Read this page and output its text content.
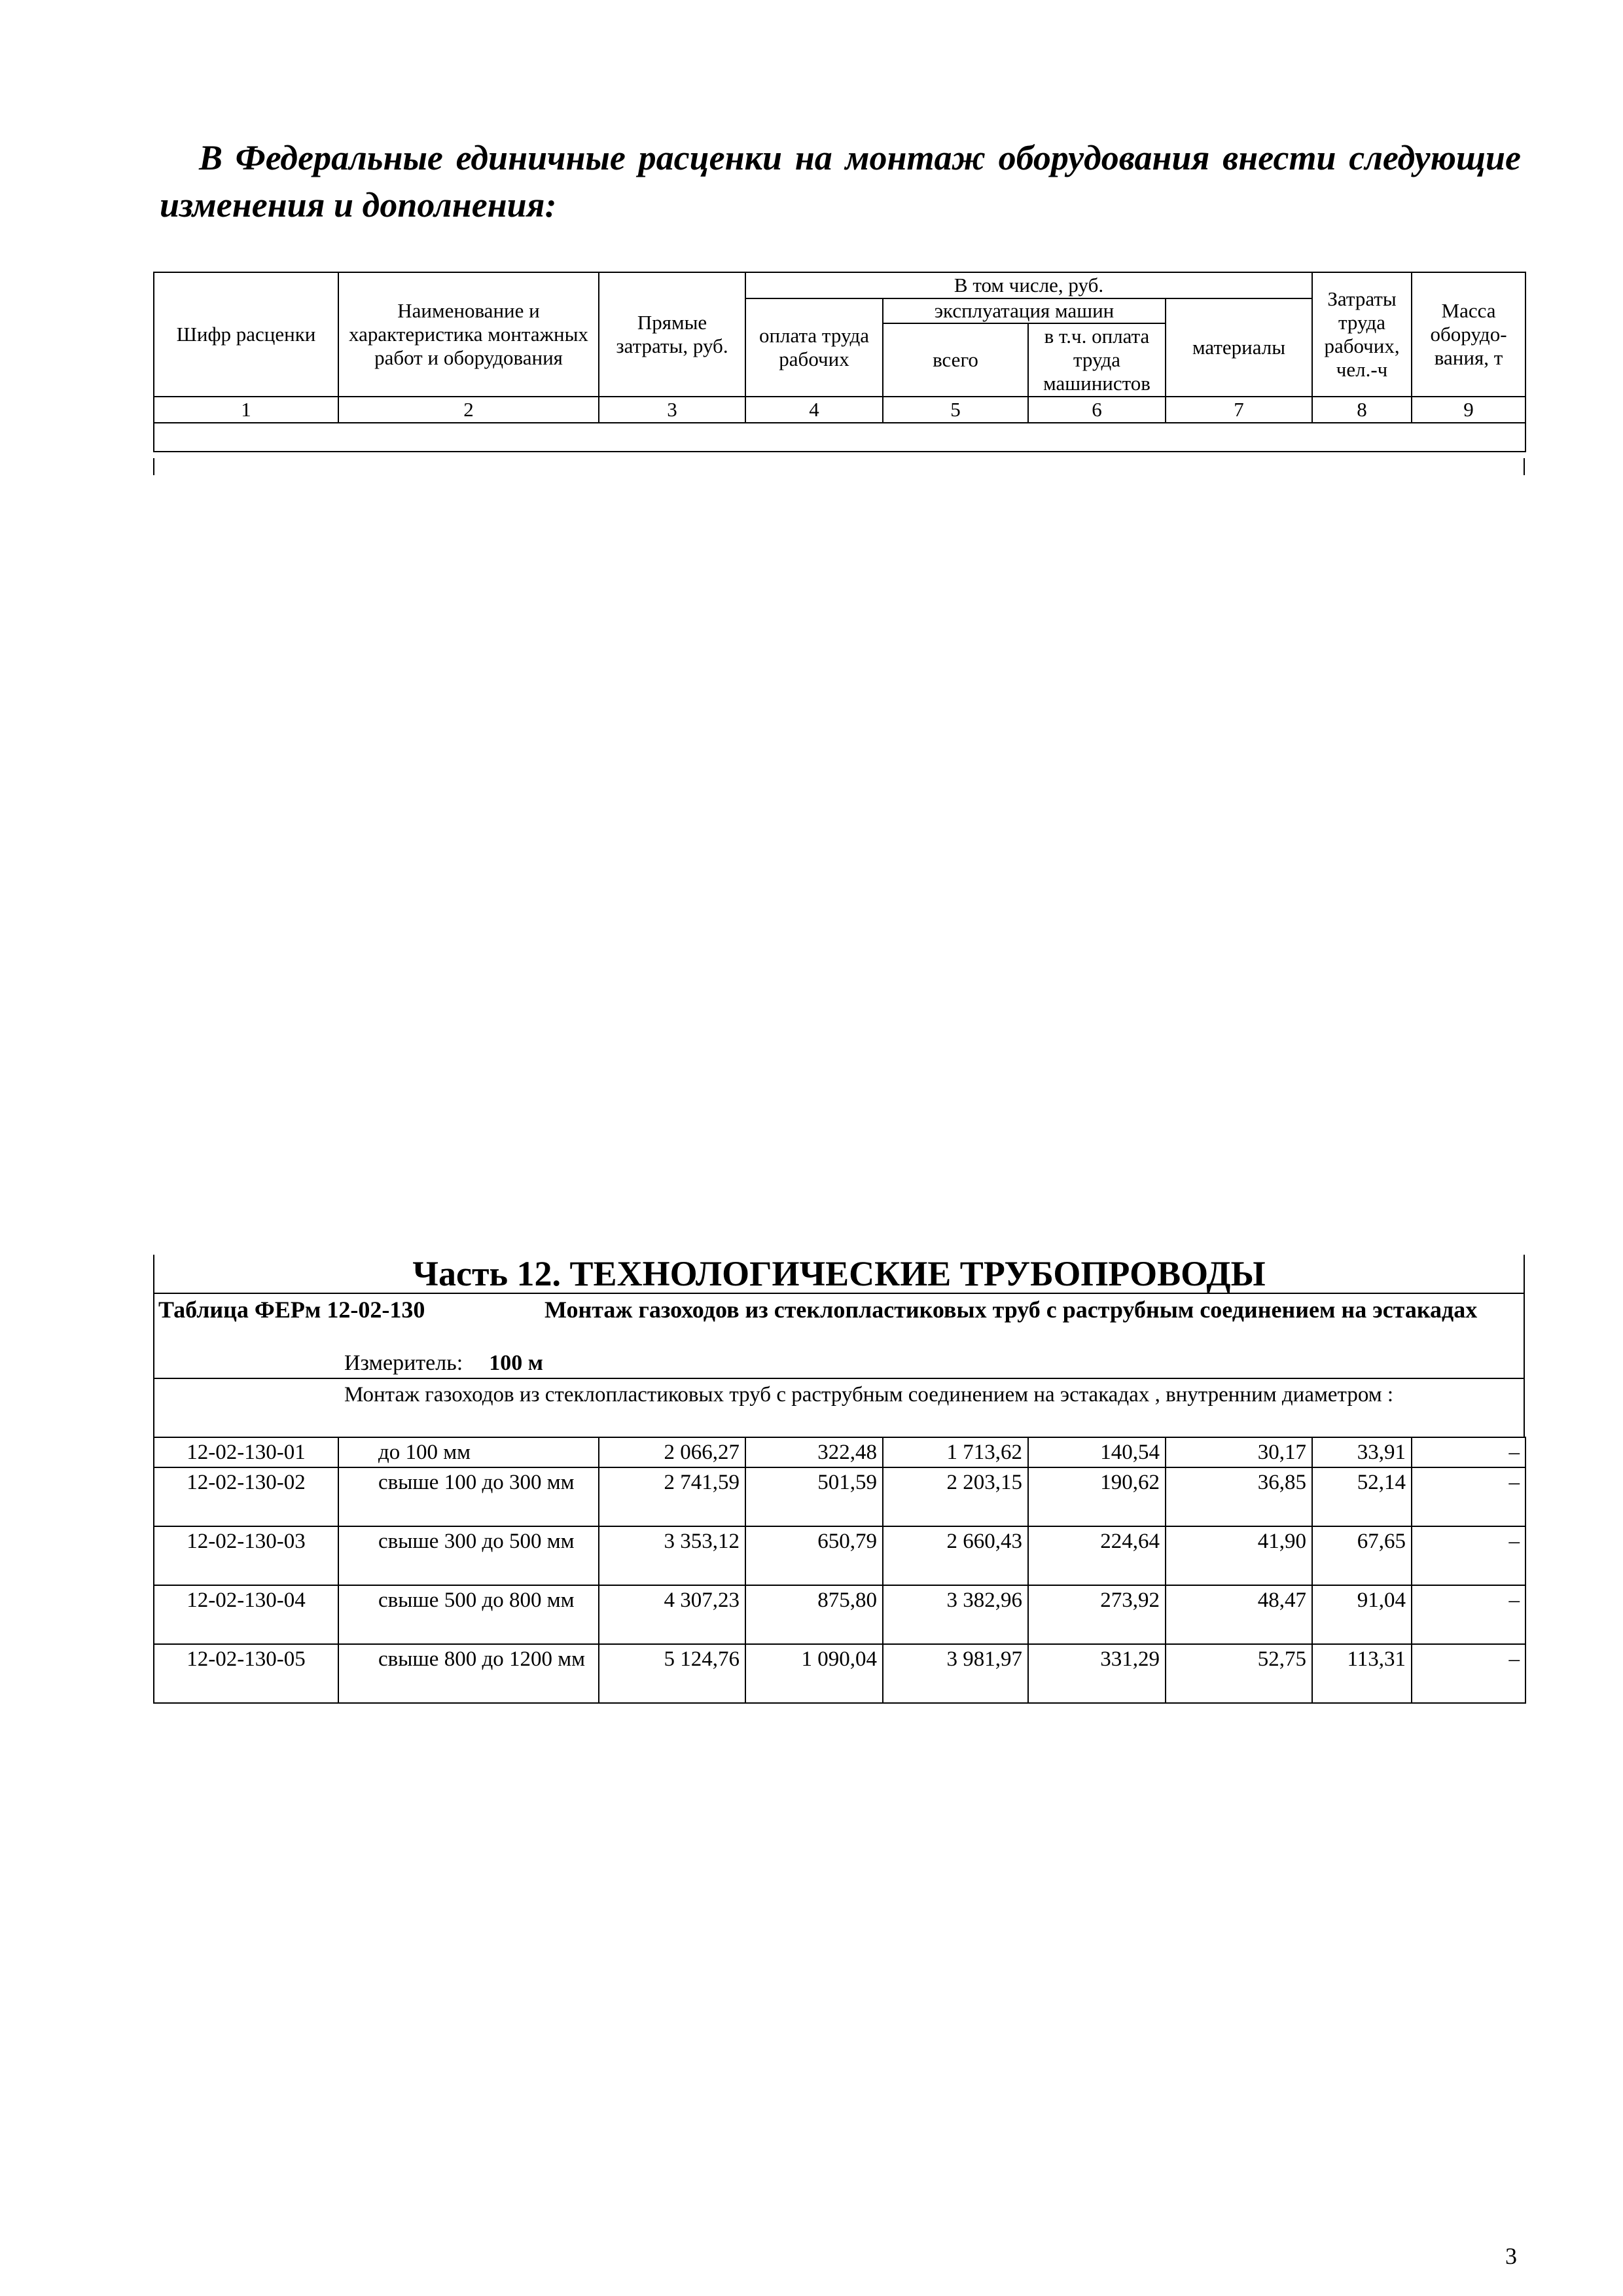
В Федеральные единичные расценки на монтаж оборудования внести следующие изменения и дополнения:
Шифр расценки	Наименование и характеристика монтажных работ и оборудования	Прямые затраты, руб.	В том числе, руб.				Затраты труда рабочих, чел.-ч	Масса оборудо-вания, т
			оплата труда рабочих	эксплуатация машин		материалы		
				всего	в т.ч. оплата труда машинистов			
1	2	3	4	5	6	7	8	9

Часть 12. ТЕХНОЛОГИЧЕСКИЕ ТРУБОПРОВОДЫ
Таблица ФЕРм 12-02-130	Монтаж газоходов из стеклопластиковых труб с раструбным соединением на эстакадах
Измеритель: 100 м
Монтаж газоходов из стеклопластиковых труб с раструбным соединением на эстакадах , внутренним диаметром :
12-02-130-01	до 100 мм	2 066,27	322,48	1 713,62	140,54	30,17	33,91	–
12-02-130-02	свыше 100 до 300 мм	2 741,59	501,59	2 203,15	190,62	36,85	52,14	–
12-02-130-03	свыше 300 до 500 мм	3 353,12	650,79	2 660,43	224,64	41,90	67,65	–
12-02-130-04	свыше 500 до 800 мм	4 307,23	875,80	3 382,96	273,92	48,47	91,04	–
12-02-130-05	свыше 800 до 1200 мм	5 124,76	1 090,04	3 981,97	331,29	52,75	113,31	–
3
